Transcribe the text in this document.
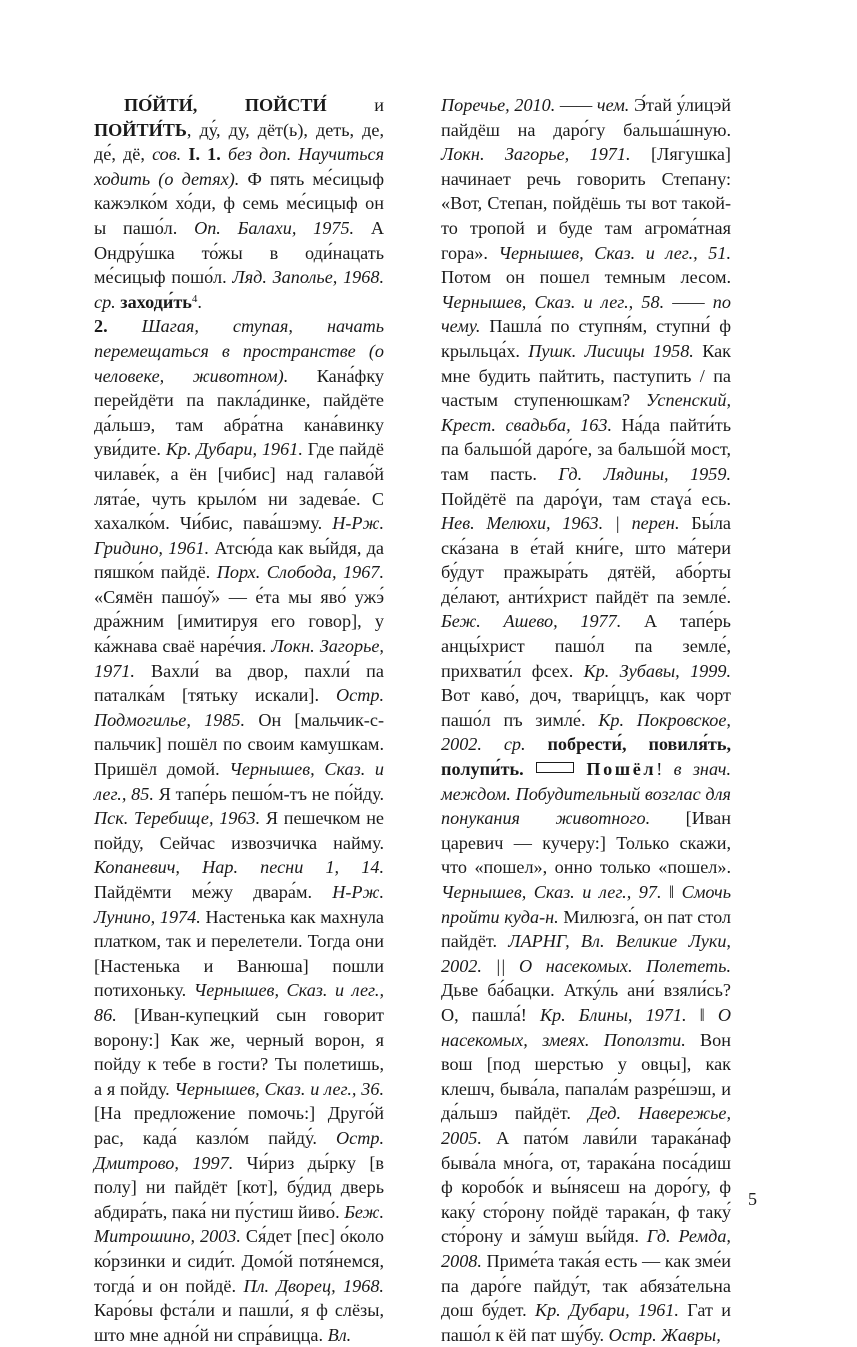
ПО́ЙТИ́, ПОЙСТИ́ и ПОЙТИ́ТЬ, ду́, ду, дёт(ь), деть, де, де́, дё, сов. I. 1. без доп. Научиться ходить (о детях). Ф пять ме́сицыф кажэлко́м хо́ди, ф семь ме́сицыф он ы пашо́л. Оп. Балахи, 1975. А Ондру́шка то́жы в оди́нацать ме́сицыф пошо́л. Ляд. Заполье, 1968. ср. $заходи́ть^4$.

2. Шагая, ступая, начать перемещаться в пространстве (о человеке, животном). Кана́фку перейдёти па пакла́динке, пайдёте да́льшэ, там абра́тна кана́винку уви́дите. Кр. Дубари, 1961. Где пайдё чилаве́к, а ён [чибис] над галаво́й лята́е, чуть крыло́м ни задева́е. С хахалко́м. Чи́бис, пава́шэму. Н-Рж. Гридино, 1961. Атсю́да как вы́йдя, да пяшко́м пайдё. Порх. Слобода, 1967. «Сямён пашо́у̌» — е́та мы яво́ ужэ́ дра́жним [имитируя его говор], у ка́жнава сваё наре́чия. Локн. Загорье, 1971. Вахли́ ва двор, пахли́ па паталка́м [тятьку искали]. Остр. Подмогилье, 1985. Он [мальчик-с-пальчик] пошёл по своим камушкам. Пришёл домой. Чернышев, Сказ. и лег., 85. Я тапе́рь пешо́м-тъ не по́йду. Пск. Теребище, 1963. Я пешечком не пойду, Сейчас извозчичка найму. Копаневич, Нар. песни 1, 14. Пайдёмти ме́жу двара́м. Н-Рж. Лунино, 1974. Настенька как махнула платком, так и перелетели. Тогда они [Настенька и Ванюша] пошли потихоньку. Чернышев, Сказ. и лег., 86. [Иван-купецкий сын говорит ворону:] Как же, черный ворон, я пойду к тебе в гости? Ты полетишь, а я пойду. Чернышев, Сказ. и лег., 36. [На предложение помочь:] Друго́й рас, када́ казло́м пайду́. Остр. Дмитрово, 1997. Чи́риз ды́рку [в полу] ни пайдёт [кот], бу́дид дверь абдира́ть, пака́ ни пу́стиш йиво́. Беж. Митрошино, 2003. Ся́дет [пес] о́коло ко́рзинки и сиди́т. Домо́й потя́немся, тогда́ и он пойдё. Пл. Дворец, 1968. Каро́вы фста́ли и пашли́, я ф слёзы, што мне адно́й ни спра́вицца. Вл.

Поречье, 2010. —— чем. Э́тай у́лицэй пайдёш на даро́гу бальша́шную. Локн. Загорье, 1971. [Лягушка] начинает речь говорить Степану: «Вот, Степан, пойдёшь ты вот такой-то тропой и буде там агрома́тная гора». Чернышев, Сказ. и лег., 51. Потом он пошел темным лесом. Чернышев, Сказ. и лег., 58. —— по чему. Пашла́ по ступня́м, ступни́ ф крыльца́х. Пушк. Лисицы 1958. Как мне будить пайтить, паступить / па частым ступенюшкам? Успенский, Крест. свадьба, 163. На́да пайти́ть па бальшо́й даро́ге, за бальшо́й мост, там пасть. Гд. Лядины, 1959. Пойдётё па даро́ɣи, там стаɣа́ есь. Нев. Мелюхи, 1963. | перен. Бы́ла ска́зана в е́тай кни́ге, што ма́тери бу́дут пражыра́ть дятёй, або́рты де́лают, анти́христ пайдёт па земле́. Беж. Ашево, 1977. А тапе́рь анцы́христ пашо́л па земле́, прихвати́л фсех. Кр. Зубавы, 1999. Вот каво́, доч, твари́ццъ, как чорт пашо́л пъ зимле́. Кр. Покровское, 2002. ср. побрести́, повиля́ть, полупи́ть.	Пошёл! в знач. междом. Побудительный возглас для понукания животного. [Иван царевич — кучеру:] Только скажи, что «пошел», онно только «пошел». Чернышев, Сказ. и лег., 97. ‖ Смочь пройти куда-н. Милюзга́, он пат стол пайдёт. ЛАРНГ, Вл. Великие Луки, 2002. || О насекомых. Полететь. Дьве ба́бацки. Атку́ль ани́ взяли́сь? О, пашла́! Кр. Блины, 1971. ‖ О насекомых, змеях. Поползти. Вон вош [под шерстью у овцы], как клешч, быва́ла, папала́м разре́шэш, и да́льшэ пайдёт. Дед. Навережье, 2005. А пато́м лави́ли тарака́наф быва́ла мно́га, от, тарака́на поса́диш ф коробо́к и вы́нясеш на доро́гу, ф каку́ сто́рону пойдё тарака́н, ф таку́ сто́рону и за́муш вы́йдя. Гд. Ремда, 2008. Приме́та така́я есть — как зме́и па даро́ге пайду́т, так абяза́тельна дош бу́дет. Кр. Дубари, 1961. Гат и пашо́л к ёй пат шу́бу. Остр. Жавры,

5
